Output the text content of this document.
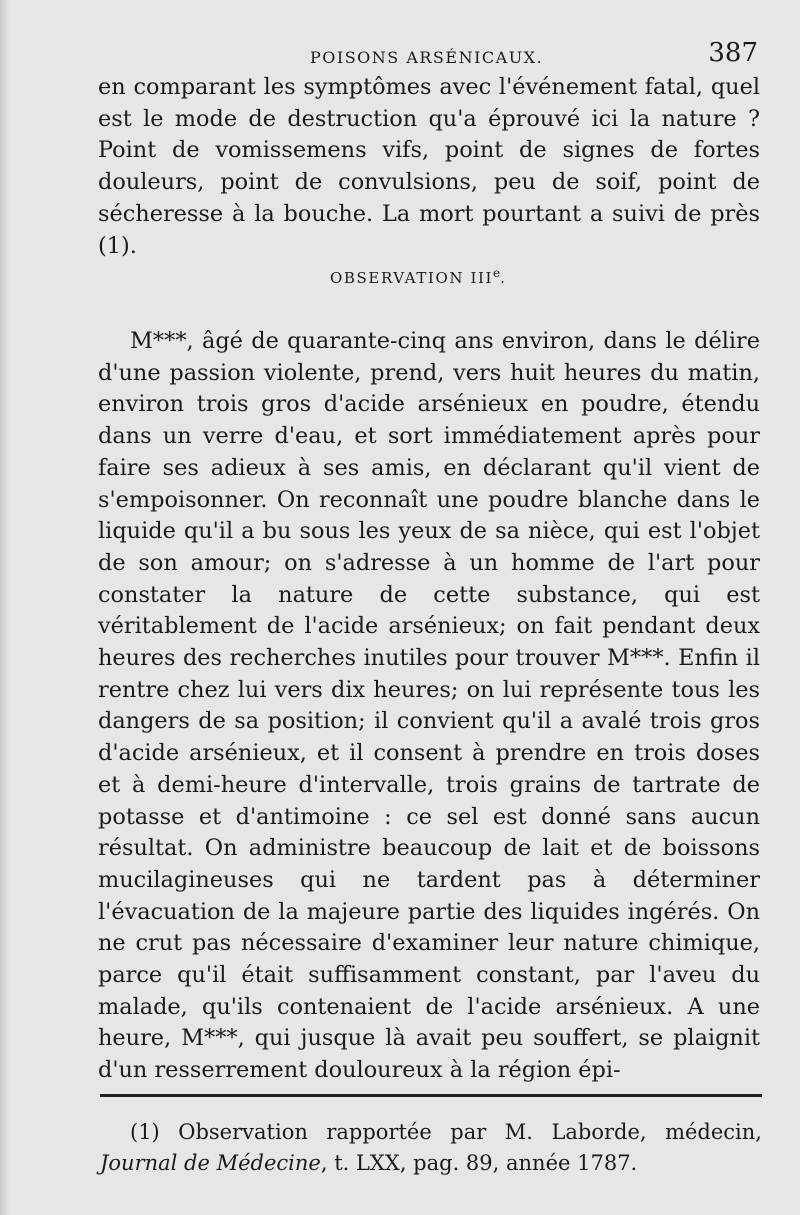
POISONS ARSÉNICAUX.	387

en comparant les symptômes avec l'événement fatal, quel est le mode de destruction qu'a éprouvé ici la nature ? Point de vomissemens vifs, point de signes de fortes douleurs, point de convulsions, peu de soif, point de sécheresse à la bouche. La mort pourtant a suivi de près (1).

OBSERVATION IIIe.

M***, âgé de quarante-cinq ans environ, dans le délire d'une passion violente, prend, vers huit heures du matin, environ trois gros d'acide arsénieux en poudre, étendu dans un verre d'eau, et sort immédiatement après pour faire ses adieux à ses amis, en déclarant qu'il vient de s'empoisonner. On reconnaît une poudre blanche dans le liquide qu'il a bu sous les yeux de sa nièce, qui est l'objet de son amour; on s'adresse à un homme de l'art pour constater la nature de cette substance, qui est véritablement de l'acide arsénieux; on fait pendant deux heures des recherches inutiles pour trouver M***. Enfin il rentre chez lui vers dix heures; on lui représente tous les dangers de sa position; il convient qu'il a avalé trois gros d'acide arsénieux, et il consent à prendre en trois doses et à demi-heure d'intervalle, trois grains de tartrate de potasse et d'antimoine : ce sel est donné sans aucun résultat. On administre beaucoup de lait et de boissons mucilagineuses qui ne tardent pas à déterminer l'évacuation de la majeure partie des liquides ingérés. On ne crut pas nécessaire d'examiner leur nature chimique, parce qu'il était suffisamment constant, par l'aveu du malade, qu'ils contenaient de l'acide arsénieux. A une heure, M***, qui jusque là avait peu souffert, se plaignit d'un resserrement douloureux à la région épi-

(1) Observation rapportée par M. Laborde, médecin, Journal de Médecine, t. LXX, pag. 89, année 1787.
